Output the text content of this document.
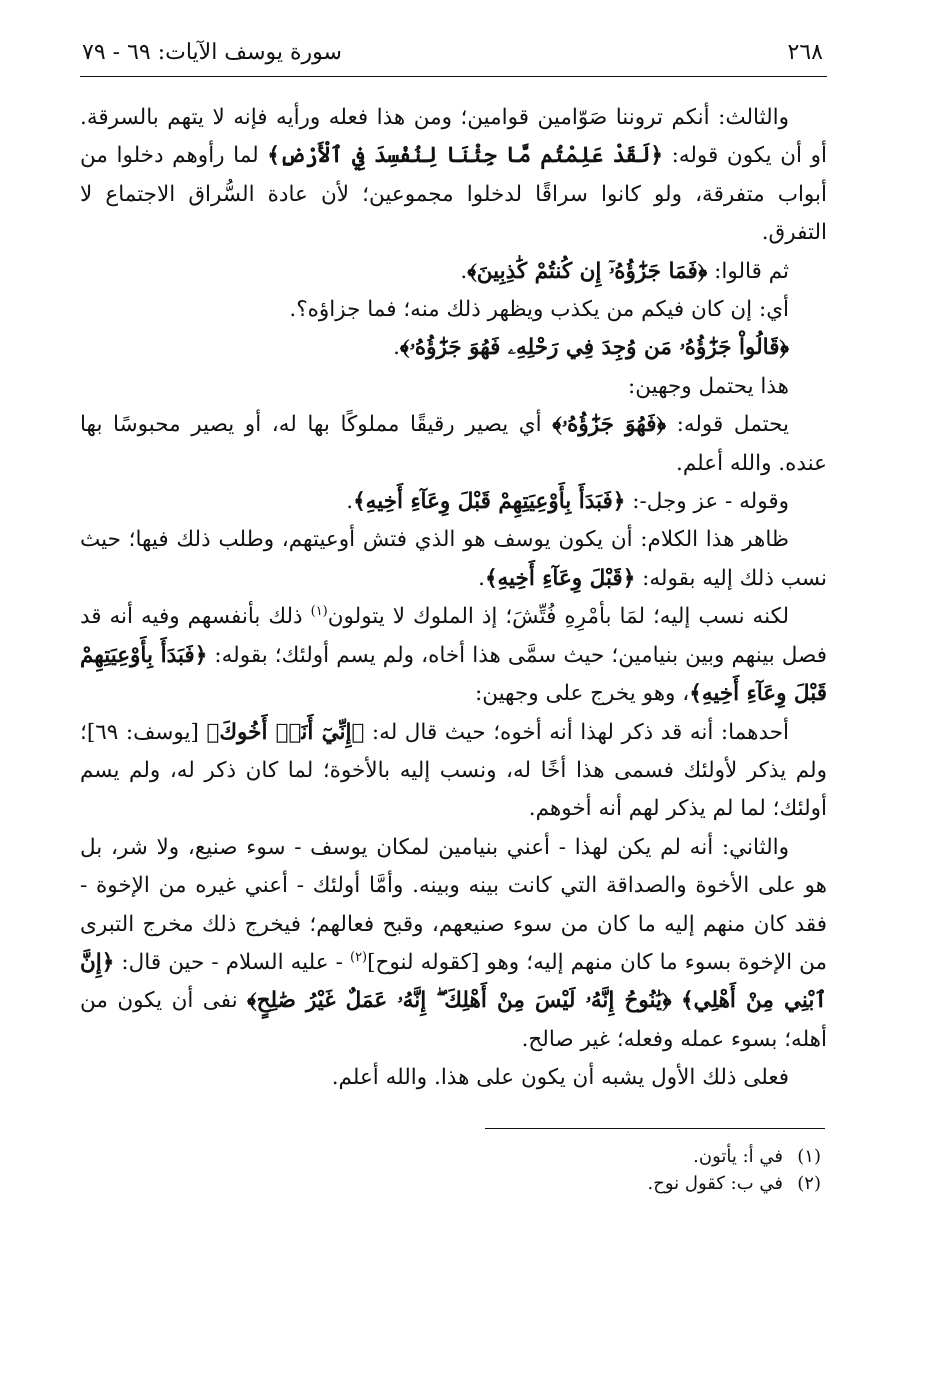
٢٦٨
سورة يوسف الآيات: ٦٩ - ٧٩

والثالث: أنكم تروننا صَوّامين قوامين؛ ومن هذا فعله ورأيه فإنه لا يتهم بالسرقة. أو أن يكون قوله: ﴿لَقَدْ عَلِمْتُم مَّا جِئْنَا لِنُفْسِدَ فِي ٱلْأَرْضِ﴾ لما رأوهم دخلوا من أبواب متفرقة، ولو كانوا سراقًا لدخلوا مجموعين؛ لأن عادة السُّراق الاجتماع لا التفرق.

ثم قالوا: ﴿فَمَا جَزَٰٓؤُهُۥٓ إِن كُنتُمْ كَٰذِبِينَ﴾.

أي: إن كان فيكم من يكذب ويظهر ذلك منه؛ فما جزاؤه؟.

﴿قَالُواْ جَزَٰٓؤُهُۥ مَن وُجِدَ فِي رَحْلِهِۦ فَهُوَ جَزَٰٓؤُهُۥ﴾.

هذا يحتمل وجهين:

يحتمل قوله: ﴿فَهُوَ جَزَٰٓؤُهُۥ﴾ أي يصير رقيقًا مملوكًا بها له، أو يصير محبوسًا بها عنده. والله أعلم.

وقوله - عز وجل-: ﴿فَبَدَأَ بِأَوْعِيَتِهِمْ قَبْلَ وِعَآءِ أَخِيهِ﴾.

ظاهر هذا الكلام: أن يكون يوسف هو الذي فتش أوعيتهم، وطلب ذلك فيها؛ حيث نسب ذلك إليه بقوله: ﴿قَبْلَ وِعَآءِ أَخِيهِ﴾.

لكنه نسب إليه؛ لمَا بأمْرِهِ فُتِّشَ؛ إذ الملوك لا يتولون$^{(١)}$ ذلك بأنفسهم وفيه أنه قد فصل بينهم وبين بنيامين؛ حيث سمَّى هذا أخاه، ولم يسم أولئك؛ بقوله: ﴿فَبَدَأَ بِأَوْعِيَتِهِمْ قَبْلَ وِعَآءِ أَخِيهِ﴾، وهو يخرج على وجهين:

أحدهما: أنه قد ذكر لهذا أنه أخوه؛ حيث قال له: ﴿إِنِّيٓ أَنَا۠ أَخُوكَ﴾ [يوسف: ٦٩]؛ ولم يذكر لأولئك فسمى هذا أخًا له، ونسب إليه بالأخوة؛ لما كان ذكر له، ولم يسم أولئك؛ لما لم يذكر لهم أنه أخوهم.

والثاني: أنه لم يكن لهذا - أعني بنيامين لمكان يوسف - سوء صنيع، ولا شر، بل هو على الأخوة والصداقة التي كانت بينه وبينه. وأمَّا أولئك - أعني غيره من الإخوة - فقد كان منهم إليه ما كان من سوء صنيعهم، وقبح فعالهم؛ فيخرج ذلك مخرج التبرى من الإخوة بسوء ما كان منهم إليه؛ وهو [كقوله لنوح]$^{(٢)}$ - عليه السلام - حين قال: ﴿إِنَّ ٱبْنِي مِنْ أَهْلِي﴾ ﴿يَٰنُوحُ إِنَّهُۥ لَيْسَ مِنْ أَهْلِكَ ۖ إِنَّهُۥ عَمَلٌ غَيْرُ صَٰلِحٍ﴾ نفى أن يكون من أهله؛ بسوء عمله وفعله؛ غير صالح.

فعلى ذلك الأول يشبه أن يكون على هذا. والله أعلم.

(١)
في أ: يأتون.
(٢)
في ب: كقول نوح.
